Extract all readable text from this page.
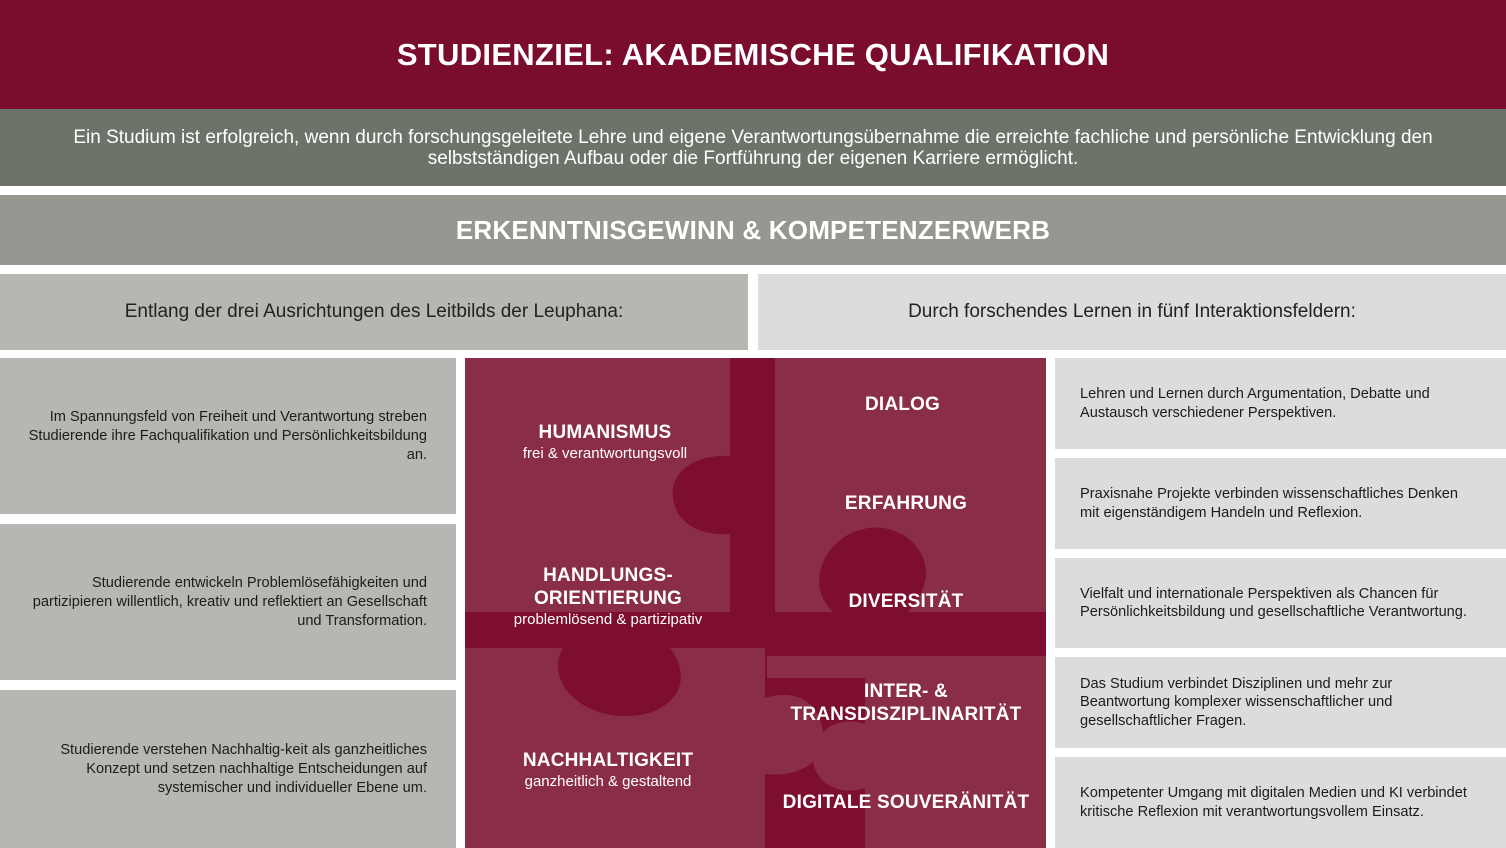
STUDIENZIEL: AKADEMISCHE QUALIFIKATION

Ein Studium ist erfolgreich, wenn durch forschungsgeleitete Lehre und eigene Verantwortungsübernahme die erreichte fachliche und persönliche Entwicklung den
selbstständigen Aufbau oder die Fortführung der eigenen Karriere ermöglicht.

ERKENNTNISGEWINN & KOMPETENZERWERB
Entlang der drei Ausrichtungen des Leitbilds der Leuphana:	Durch forschendes Lernen in fünf Interaktionsfeldern:

Im Spannungsfeld von Freiheit und Verantwortung streben Studierende ihre Fachqualifikation und Persönlichkeitsbildung an.

Studierende entwickeln Problemlösefähigkeiten und partizipieren willentlich, kreativ und reflektiert an Gesellschaft und Transformation.

Studierende verstehen Nachhaltig-keit als ganzheitliches Konzept und setzen nachhaltige Entscheidungen auf systemischer und individueller Ebene um.

HUMANISMUS
frei & verantwortungsvoll
HANDLUNGS-
ORIENTIERUNG
problemlösend & partizipativ
NACHHALTIGKEIT
ganzheitlich & gestaltend
DIALOG
ERFAHRUNG
DIVERSITÄT
INTER- &
TRANSDISZIPLINARITÄT
DIGITALE SOUVERÄNITÄT

Lehren und Lernen durch Argumentation, Debatte und Austausch verschiedener Perspektiven.

Praxisnahe Projekte verbinden wissenschaftliches Denken mit eigenständigem Handeln und Reflexion.

Vielfalt und internationale Perspektiven als Chancen für Persönlichkeitsbildung und gesellschaftliche Verantwortung.

Das Studium verbindet Disziplinen und mehr zur Beantwortung komplexer wissenschaftlicher und gesellschaftlicher Fragen.

Kompetenter Umgang mit digitalen Medien und KI verbindet kritische Reflexion mit verantwortungsvollem Einsatz.
